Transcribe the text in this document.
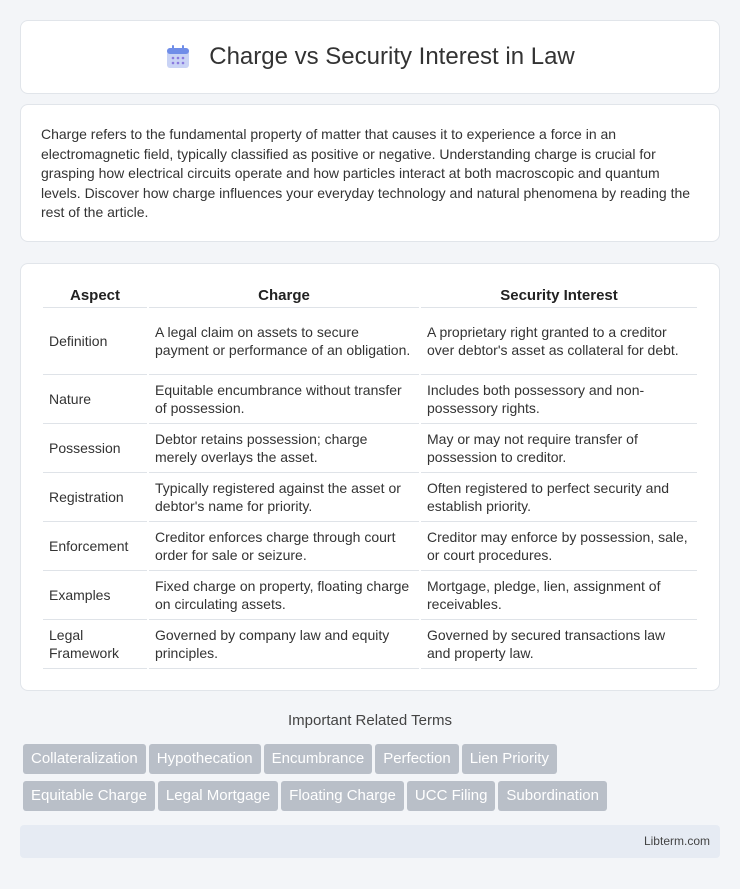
Charge vs Security Interest in Law

Charge refers to the fundamental property of matter that causes it to experience a force in an electromagnetic field, typically classified as positive or negative. Understanding charge is crucial for grasping how electrical circuits operate and how particles interact at both macroscopic and quantum levels. Discover how charge influences your everyday technology and natural phenomena by reading the rest of the article.

Aspect	Charge	Security Interest
Definition	A legal claim on assets to secure payment or performance of an obligation.	A proprietary right granted to a creditor over debtor's asset as collateral for debt.
Nature	Equitable encumbrance without transfer of possession.	Includes both possessory and non-possessory rights.
Possession	Debtor retains possession; charge merely overlays the asset.	May or may not require transfer of possession to creditor.
Registration	Typically registered against the asset or debtor's name for priority.	Often registered to perfect security and establish priority.
Enforcement	Creditor enforces charge through court order for sale or seizure.	Creditor may enforce by possession, sale, or court procedures.
Examples	Fixed charge on property, floating charge on circulating assets.	Mortgage, pledge, lien, assignment of receivables.
Legal Framework	Governed by company law and equity principles.	Governed by secured transactions law and property law.
Important Related Terms
Collateralization Hypothecation Encumbrance Perfection Lien Priority
Equitable Charge Legal Mortgage Floating Charge UCC Filing Subordination
Libterm.com
